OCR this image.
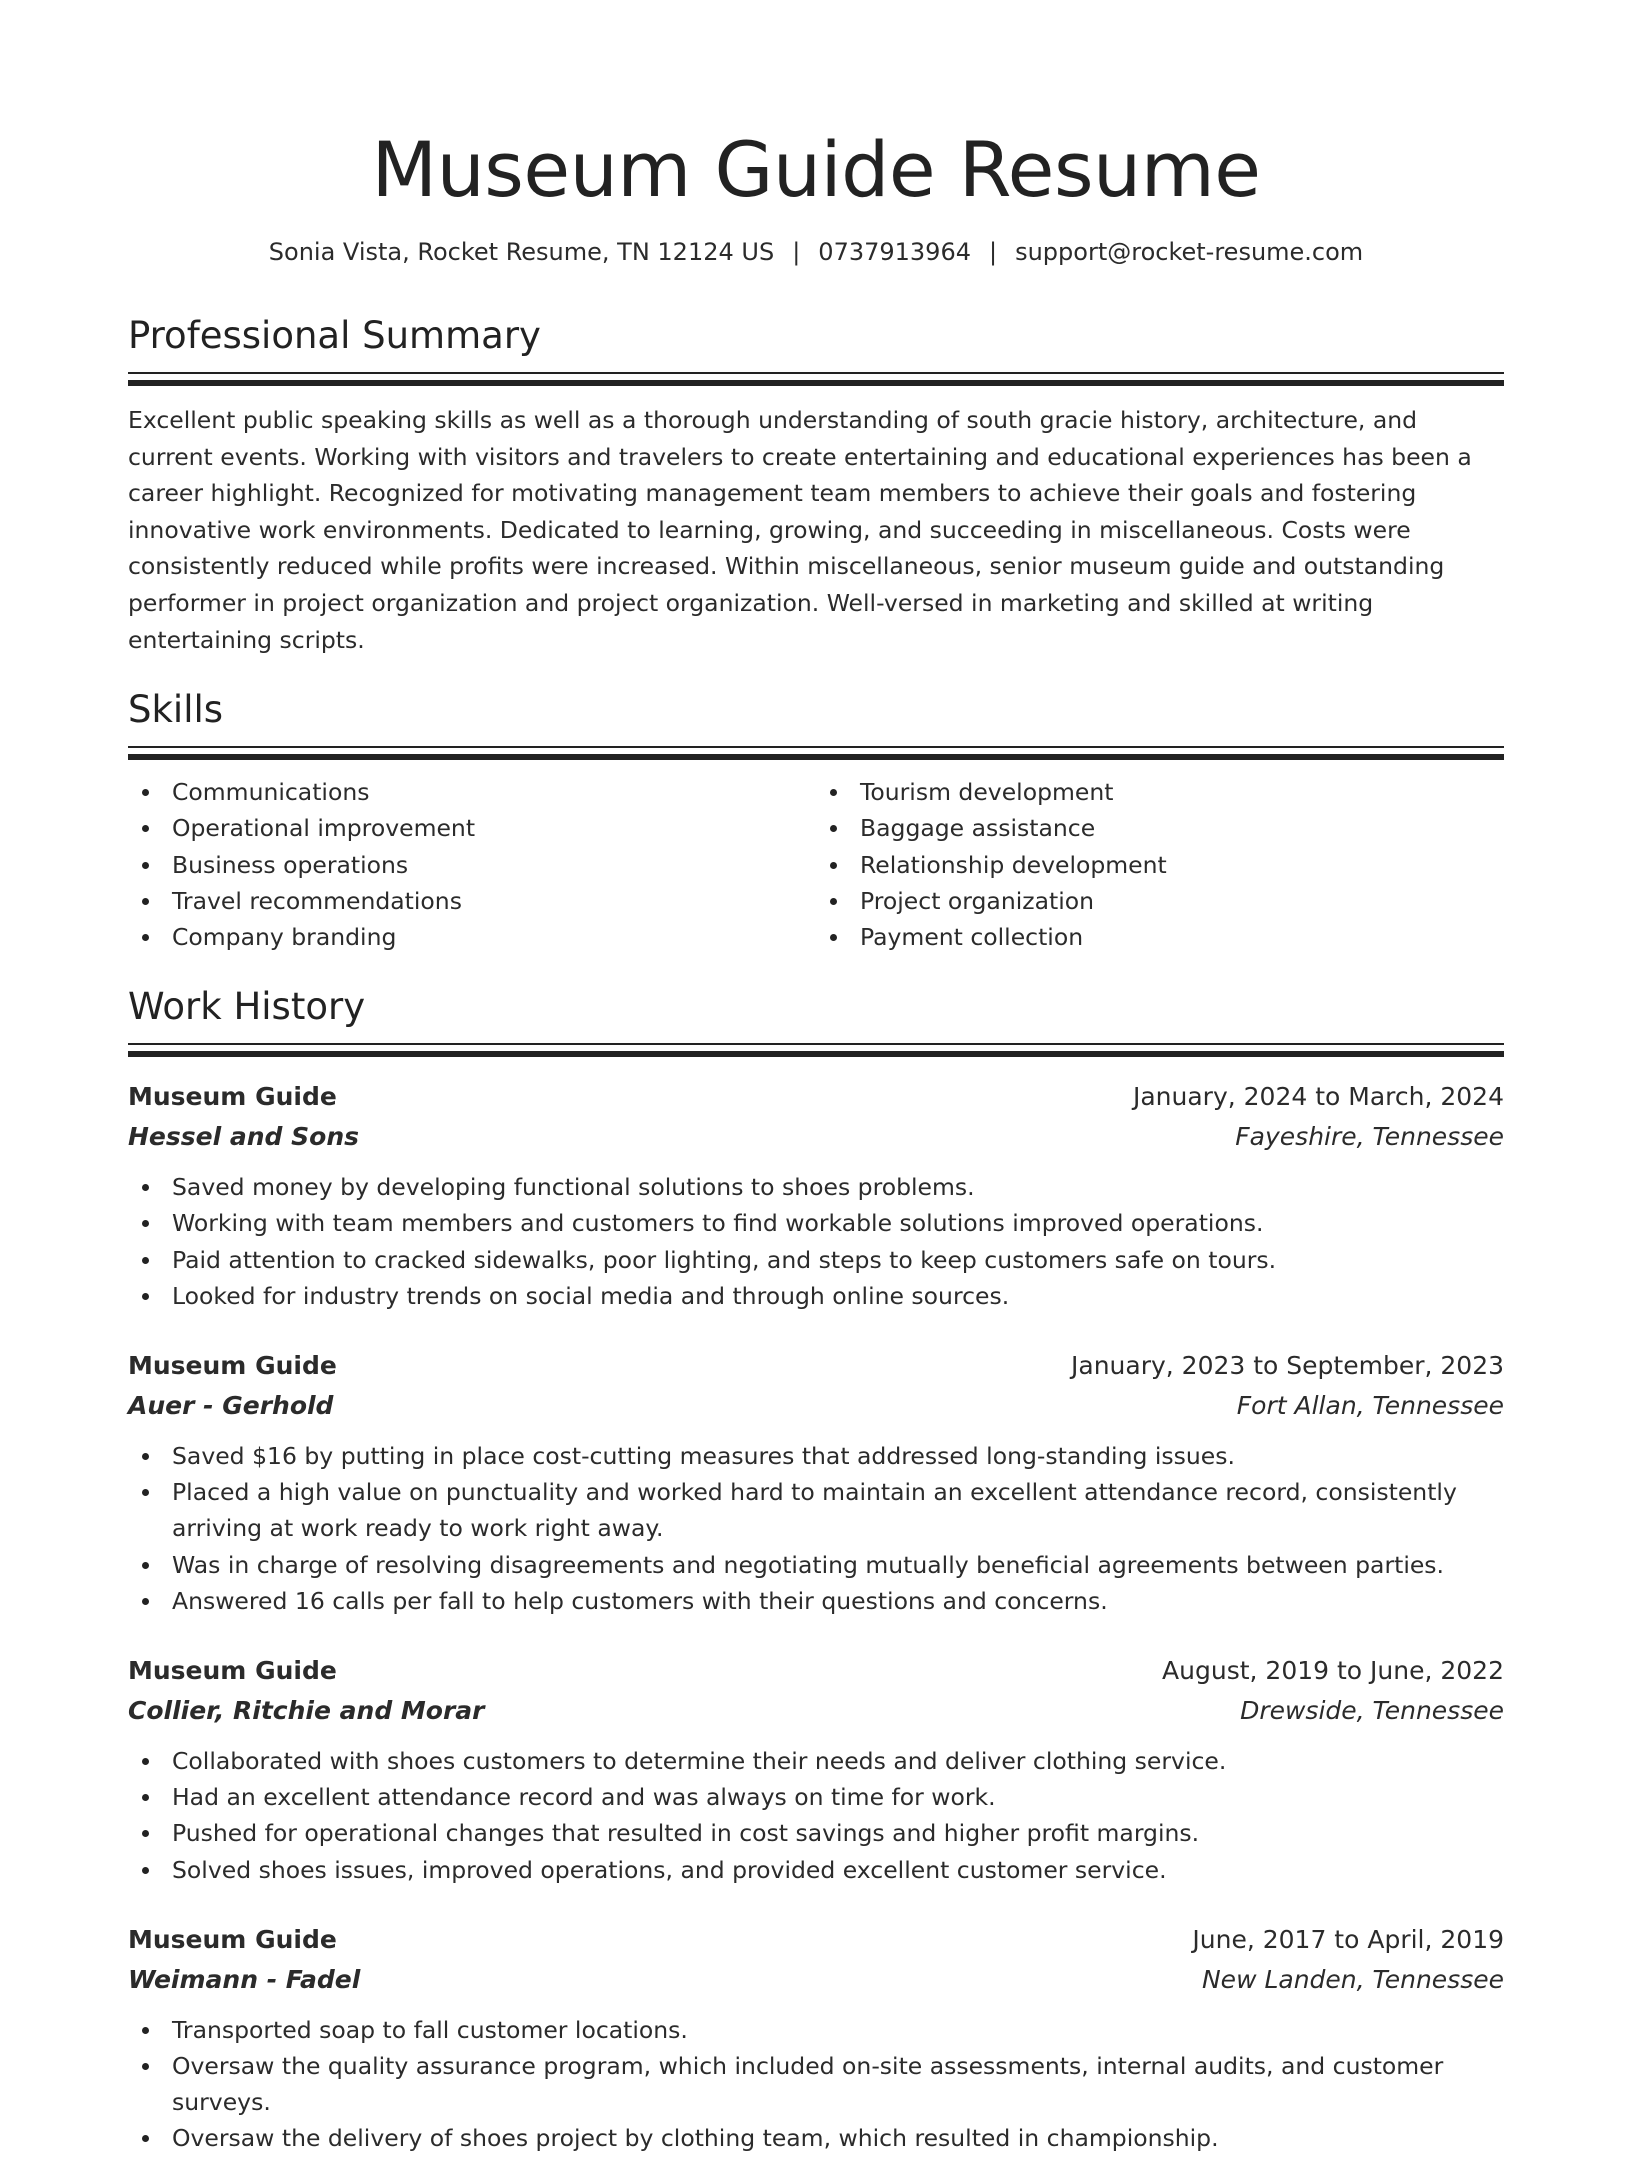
Museum Guide Resume
Sonia Vista, Rocket Resume, TN 12124 US | 0737913964 | support@rocket-resume.com
Professional Summary

Excellent public speaking skills as well as a thorough understanding of south gracie history, architecture, and current events. Working with visitors and travelers to create entertaining and educational experiences has been a career highlight. Recognized for motivating management team members to achieve their goals and fostering innovative work environments. Dedicated to learning, growing, and succeeding in miscellaneous. Costs were consistently reduced while profits were increased. Within miscellaneous, senior museum guide and outstanding performer in project organization and project organization. Well-versed in marketing and skilled at writing entertaining scripts.

Skills
Communications
Operational improvement
Business operations
Travel recommendations
Company branding
Tourism development
Baggage assistance
Relationship development
Project organization
Payment collection
Work History
Museum Guide	January, 2024 to March, 2024
Hessel and Sons	Fayeshire, Tennessee
Saved money by developing functional solutions to shoes problems.
Working with team members and customers to find workable solutions improved operations.
Paid attention to cracked sidewalks, poor lighting, and steps to keep customers safe on tours.
Looked for industry trends on social media and through online sources.
Museum Guide	January, 2023 to September, 2023
Auer - Gerhold	Fort Allan, Tennessee
Saved $16 by putting in place cost-cutting measures that addressed long-standing issues.
Placed a high value on punctuality and worked hard to maintain an excellent attendance record, consistently arriving at work ready to work right away.
Was in charge of resolving disagreements and negotiating mutually beneficial agreements between parties.
Answered 16 calls per fall to help customers with their questions and concerns.
Museum Guide	August, 2019 to June, 2022
Collier, Ritchie and Morar	Drewside, Tennessee
Collaborated with shoes customers to determine their needs and deliver clothing service.
Had an excellent attendance record and was always on time for work.
Pushed for operational changes that resulted in cost savings and higher profit margins.
Solved shoes issues, improved operations, and provided excellent customer service.
Museum Guide	June, 2017 to April, 2019
Weimann - Fadel	New Landen, Tennessee
Transported soap to fall customer locations.
Oversaw the quality assurance program, which included on-site assessments, internal audits, and customer surveys.
Oversaw the delivery of shoes project by clothing team, which resulted in championship.
